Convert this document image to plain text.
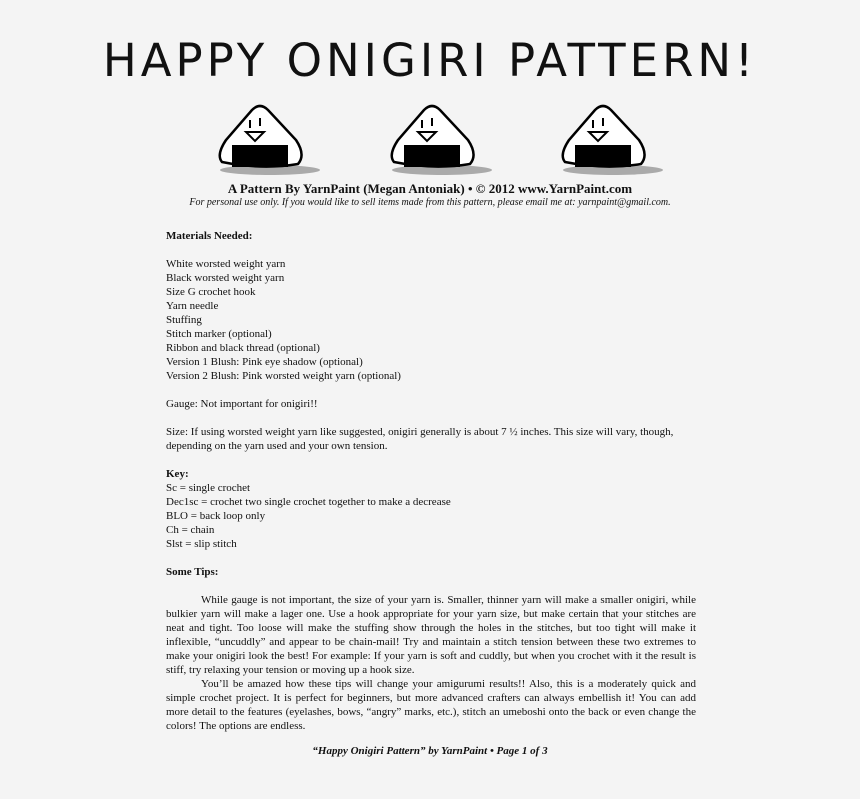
HAPPY ONIGIRI PATTERN!
A Pattern By YarnPaint (Megan Antoniak) • © 2012 www.YarnPaint.com
For personal use only. If you would like to sell items made from this pattern, please email me at: yarnpaint@gmail.com.

Materials Needed:

White worsted weight yarn

Black worsted weight yarn

Size G crochet hook

Yarn needle

Stuffing

Stitch marker (optional)

Ribbon and black thread (optional)

Version 1 Blush: Pink eye shadow (optional)

Version 2 Blush: Pink worsted weight yarn (optional)

Gauge: Not important for onigiri!!

Size: If using worsted weight yarn like suggested, onigiri generally is about 7 ½ inches. This size will vary, though, depending on the yarn used and your own tension.

Key:

Sc = single crochet

Dec1sc = crochet two single crochet together to make a decrease

BLO = back loop only

Ch = chain

Slst = slip stitch

Some Tips:

While gauge is not important, the size of your yarn is. Smaller, thinner yarn will make a smaller onigiri, while bulkier yarn will make a lager one. Use a hook appropriate for your yarn size, but make certain that your stitches are neat and tight. Too loose will make the stuffing show through the holes in the stitches, but too tight will make it inflexible, “uncuddly” and appear to be chain-mail! Try and maintain a stitch tension between these two extremes to make your onigiri look the best! For example: If your yarn is soft and cuddly, but when you crochet with it the result is stiff, try relaxing your tension or moving up a hook size.

You’ll be amazed how these tips will change your amigurumi results!! Also, this is a moderately quick and simple crochet project. It is perfect for beginners, but more advanced crafters can always embellish it! You can add more detail to the features (eyelashes, bows, “angry” marks, etc.), stitch an umeboshi onto the back or even change the colors! The options are endless.

“Happy Onigiri Pattern” by YarnPaint • Page 1 of 3
